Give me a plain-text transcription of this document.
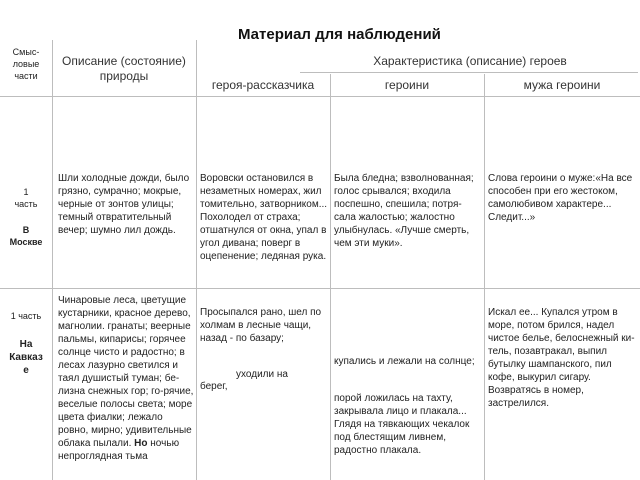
Материал для наблюдений
Смыс-
ловые
части
Описание (состояние)
природы
Характеристика (описание) героев
героя-рассказчика	героини	мужа героини
1
часть
В
Москве
Шли холодные дожди, было грязно, сумрачно; мокрые, черные от зонтов улицы; темный отвратительный вечер; шумно лил дождь.
Воровски остановился в незаметных номерах, жил томительно, затворником... Похолодел от страха; отшатнулся от окна, упал в угол дивана; поверг в оцепенение; ледяная рука.
Была бледна; взволнованная; голос срывался; входила поспешно, спешила; потря-сала жалостью; жалостно улыбнулась. «Лучше смерть, чем эти муки».
Слова героини о муже:«На все способен при его жестоком, самолюбивом характере... Следит...»
1 часть
На
Кавказ
е
Чинаровые леса, цветущие кустарники, красное дерево, магнолии. гранаты; веерные пальмы, кипарисы; горячее солнце чисто и радостно; в лесах лазурно светился и таял душистый туман; бе-лизна снежных гор; го-рячие, веселые полосы света; море цвета фиалки; лежало ровно, мирно; удивительные облака пылали. Но ночью непроглядная тьма
Просыпался рано, шел по холмам в лесные чащи, назад - по базару;
уходили на
берег,
купались и лежали на солнце;
порой ложилась на тахту, закрывала лицо и плакала... Глядя на тявкающих чекалок под блестящим ливнем, радостно плакала.
Искал ее... Купался утром в море, потом брился, надел чистое белье, белоснежный ки-тель, позавтракал, выпил бутылку шампанского, пил кофе, выкурил сигару. Возвратясь в номер, застрелился.
